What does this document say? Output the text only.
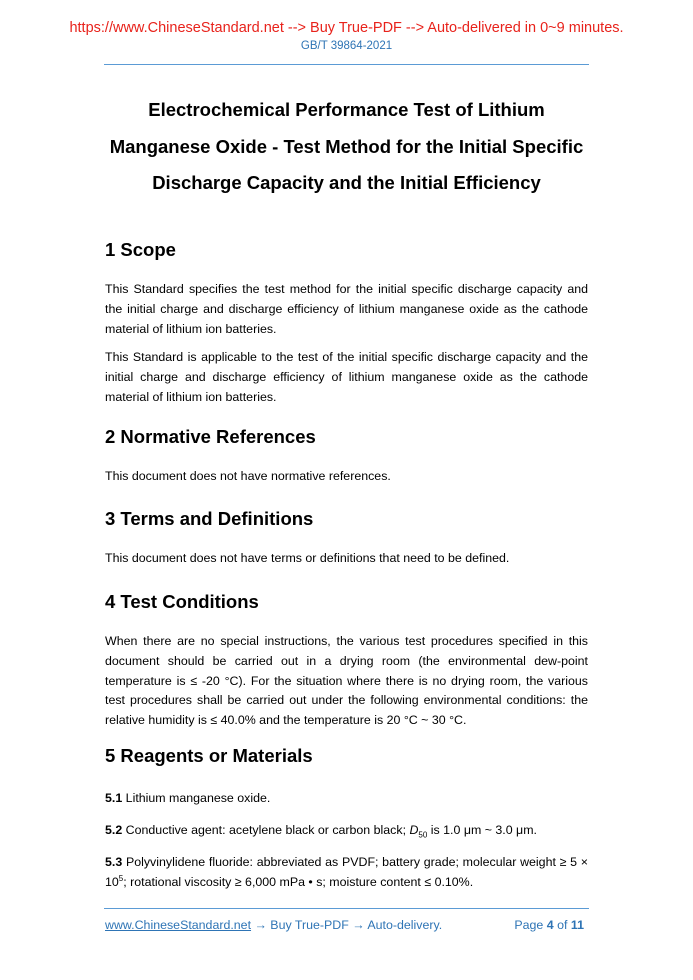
https://www.ChineseStandard.net --> Buy True-PDF --> Auto-delivered in 0~9 minutes.
GB/T 39864-2021
Electrochemical Performance Test of Lithium
Manganese Oxide - Test Method for the Initial Specific
Discharge Capacity and the Initial Efficiency
1 Scope

This Standard specifies the test method for the initial specific discharge capacity and the initial charge and discharge efficiency of lithium manganese oxide as the cathode material of lithium ion batteries.

This Standard is applicable to the test of the initial specific discharge capacity and the initial charge and discharge efficiency of lithium manganese oxide as the cathode material of lithium ion batteries.

2 Normative References

This document does not have normative references.

3 Terms and Definitions

This document does not have terms or definitions that need to be defined.

4 Test Conditions

When there are no special instructions, the various test procedures specified in this document should be carried out in a drying room (the environmental dew-point temperature is ≤ -20 °C). For the situation where there is no drying room, the various test procedures shall be carried out under the following environmental conditions: the relative humidity is ≤ 40.0% and the temperature is 20 °C ~ 30 °C.

5 Reagents or Materials

5.1 Lithium manganese oxide.

5.2 Conductive agent: acetylene black or carbon black; $D_{50}$ is 1.0 μm ~ 3.0 μm.

5.3 Polyvinylidene fluoride: abbreviated as PVDF; battery grade; molecular weight ≥ $5 \times 10^5$; rotational viscosity ≥ 6,000 mPa • s; moisture content ≤ 0.10%.

www.ChineseStandard.net → Buy True-PDF → Auto-delivery.	Page 4 of 11
